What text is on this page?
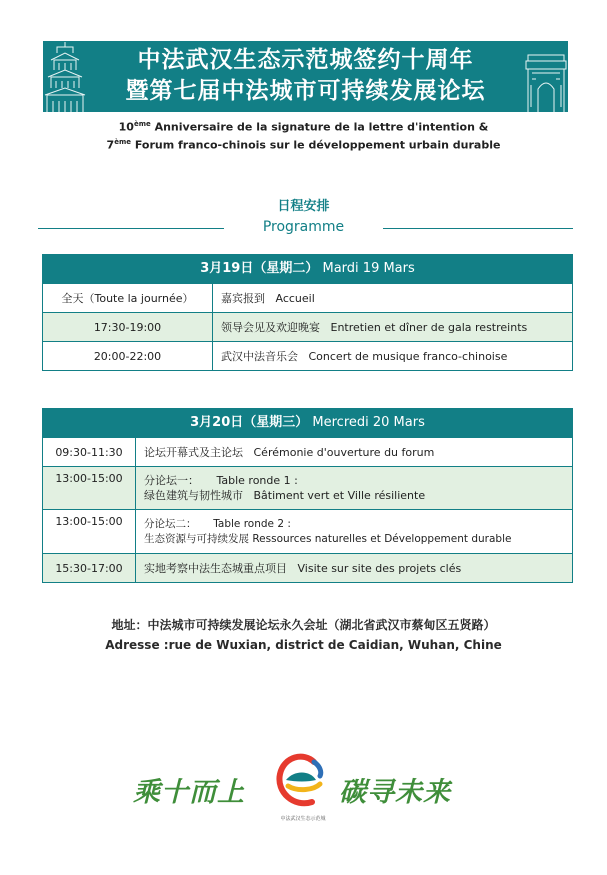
中法武汉生态示范城签约十周年
暨第七届中法城市可持续发展论坛
10ème Anniversaire de la signature de la lettre d'intention &
7ème Forum franco-chinois sur le développement urbain durable
日程安排
Programme
3月19日（星期二） Mardi 19 Mars
全天（Toute la journée）	嘉宾报到 Accueil
17:30-19:00	领导会见及欢迎晚宴 Entretien et dîner de gala restreints
20:00-22:00	武汉中法音乐会 Concert de musique franco-chinoise
3月20日（星期三） Mercredi 20 Mars
09:30-11:30	论坛开幕式及主论坛 Cérémonie d'ouverture du forum
13:00-15:00	分论坛一： Table ronde 1 :
绿色建筑与韧性城市 Bâtiment vert et Ville résiliente
13:00-15:00	分论坛二： Table ronde 2 :
生态资源与可持续发展 Ressources naturelles et Développement durable
15:30-17:00	实地考察中法生态城重点项目 Visite sur site des projets clés
地址：中法城市可持续发展论坛永久会址（湖北省武汉市蔡甸区五贤路）
Adresse :rue de Wuxian, district de Caidian, Wuhan, Chine
乘十而上
中法武汉生态示范城
碳寻未来
